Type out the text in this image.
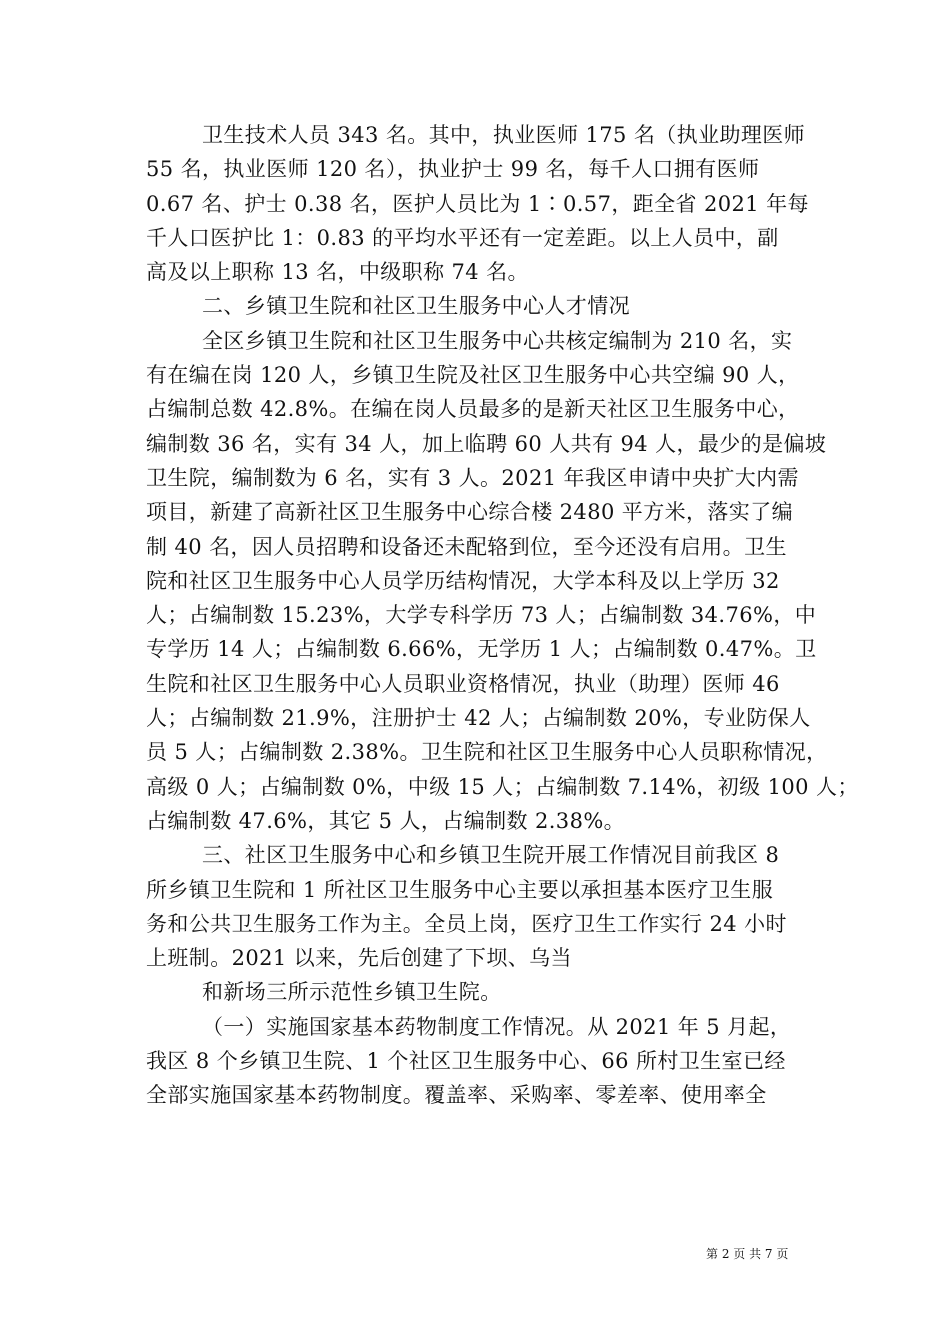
卫生技术人员 343 名。其中，执业医师 175 名（执业助理医师
55 名，执业医师 120 名），执业护士 99 名，每千人口拥有医师
0.67 名、护士 0.38 名，医护人员比为 1∶0.57，距全省 2021 年每
千人口医护比 1：0.83 的平均水平还有一定差距。以上人员中，副
高及以上职称 13 名，中级职称 74 名。
二、乡镇卫生院和社区卫生服务中心人才情况
全区乡镇卫生院和社区卫生服务中心共核定编制为 210 名，实
有在编在岗 120 人，乡镇卫生院及社区卫生服务中心共空编 90 人，
占编制总数 42.8%。在编在岗人员最多的是新天社区卫生服务中心，
编制数 36 名，实有 34 人，加上临聘 60 人共有 94 人，最少的是偏坡
卫生院，编制数为 6 名，实有 3 人。2021 年我区申请中央扩大内需
项目，新建了高新社区卫生服务中心综合楼 2480 平方米，落实了编
制 40 名，因人员招聘和设备还未配辂到位，至今还没有启用。卫生
院和社区卫生服务中心人员学历结构情况，大学本科及以上学历 32
人；占编制数 15.23%，大学专科学历 73 人；占编制数 34.76%，中
专学历 14 人；占编制数 6.66%，无学历 1 人；占编制数 0.47%。卫
生院和社区卫生服务中心人员职业资格情况，执业（助理）医师 46
人；占编制数 21.9%，注册护士 42 人；占编制数 20%，专业防保人
员 5 人；占编制数 2.38%。卫生院和社区卫生服务中心人员职称情况，
高级 0 人；占编制数 0%，中级 15 人；占编制数 7.14%，初级 100 人；
占编制数 47.6%，其它 5 人，占编制数 2.38%。
三、社区卫生服务中心和乡镇卫生院开展工作情况目前我区 8
所乡镇卫生院和 1 所社区卫生服务中心主要以承担基本医疗卫生服
务和公共卫生服务工作为主。全员上岗，医疗卫生工作实行 24 小时
上班制。2021 以来，先后创建了下坝、乌当
和新场三所示范性乡镇卫生院。
（一）实施国家基本药物制度工作情况。从 2021 年 5 月起，
我区 8 个乡镇卫生院、1 个社区卫生服务中心、66 所村卫生室已经
全部实施国家基本药物制度。覆盖率、采购率、零差率、使用率全
第 2 页 共 7 页
